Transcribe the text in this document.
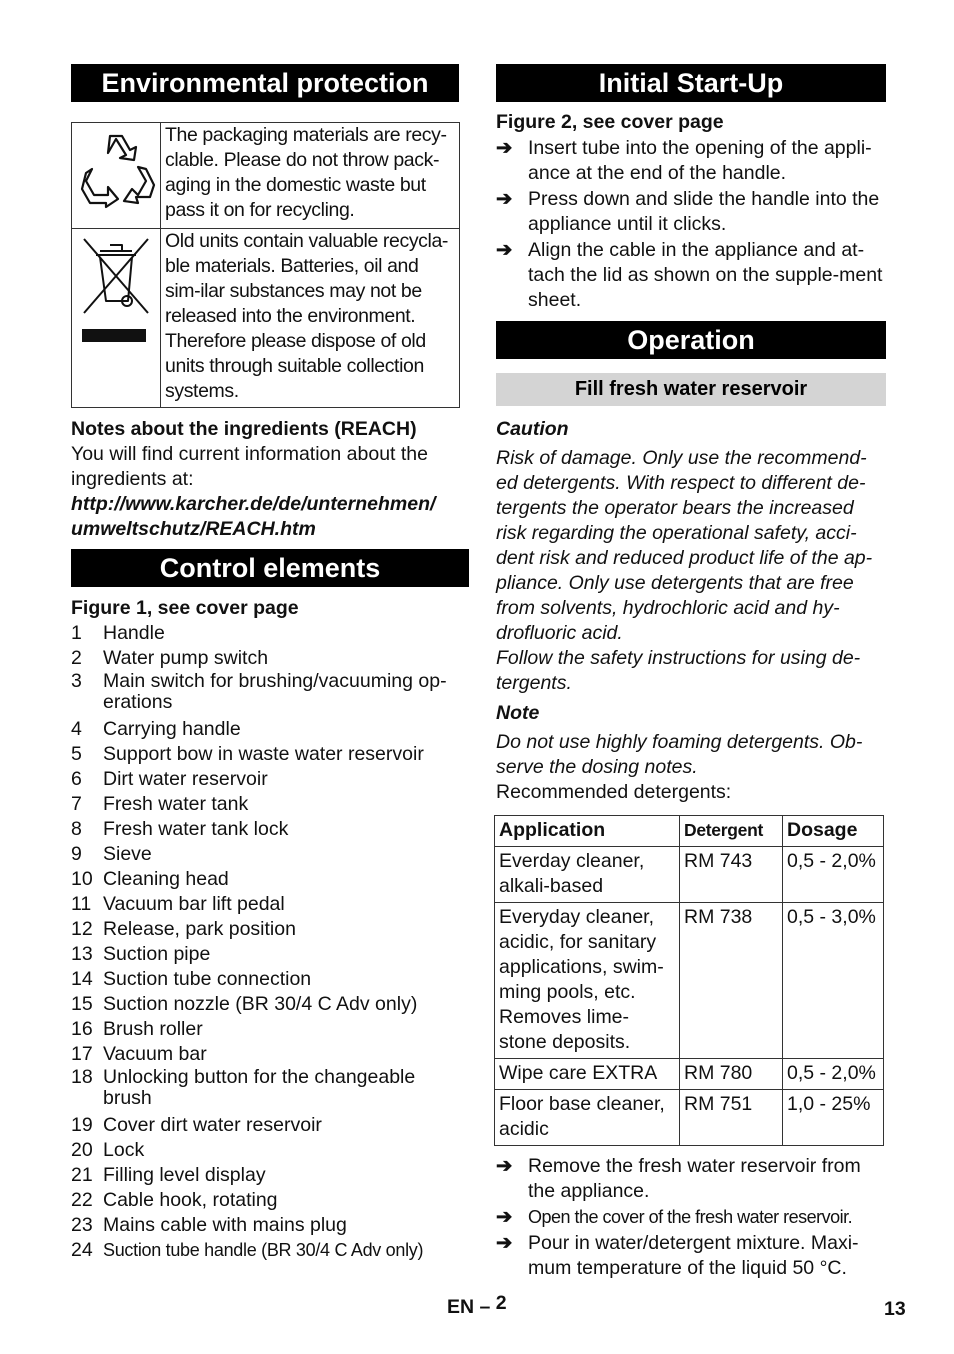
Environmental protection
	The packaging materials are recy-clable. Please do not throw pack-aging in the domestic waste but pass it on for recycling.
	Old units contain valuable recycla-ble materials. Batteries, oil and sim-ilar substances may not be released into the environment. Therefore please dispose of old units through suitable collection systems.
Notes about the ingredients (REACH)
You will find current information about the ingredients at:
http://www.karcher.de/de/unternehmen/
umweltschutz/REACH.htm
Control elements
Figure 1, see cover page
1	Handle
2	Water pump switch
3	Main switch for brushing/vacuuming op-erations
4	Carrying handle
5	Support bow in waste water reservoir
6	Dirt water reservoir
7	Fresh water tank
8	Fresh water tank lock
9	Sieve
10 Cleaning head
11 Vacuum bar lift pedal
12 Release, park position
13 Suction pipe
14 Suction tube connection
15 Suction nozzle (BR 30/4 C Adv only)
16 Brush roller
17 Vacuum bar
18 Unlocking button for the changeable brush
19 Cover dirt water reservoir
20 Lock
21 Filling level display
22 Cable hook, rotating
23 Mains cable with mains plug
24 Suction tube handle (BR 30/4 C Adv only)
Initial Start-Up
Figure 2, see cover page
➔ Insert tube into the opening of the appli-ance at the end of the handle.
➔ Press down and slide the handle into the appliance until it clicks.
➔ Align the cable in the appliance and at-tach the lid as shown on the supple-ment sheet.
Operation
Fill fresh water reservoir
Caution
Risk of damage. Only use the recommend-ed detergents. With respect to different de-tergents the operator bears the increased risk regarding the operational safety, acci-dent risk and reduced product life of the ap-pliance. Only use detergents that are free from solvents, hydrochloric acid and hy-drofluoric acid.
Follow the safety instructions for using de-tergents.
Note
Do not use highly foaming detergents. Ob-serve the dosing notes.
Recommended detergents:
Application	Detergent	Dosage
Everday cleaner, alkali-based	RM 743	0,5 - 2,0%
Everyday cleaner, acidic, for sanitary applications, swim-ming pools, etc. Removes lime-stone deposits.	RM 738	0,5 - 3,0%
Wipe care EXTRA	RM 780	0,5 - 2,0%
Floor base cleaner, acidic	RM 751	1,0 - 25%
➔ Remove the fresh water reservoir from the appliance.
➔ Open the cover of the fresh water reservoir.
➔ Pour in water/detergent mixture. Maxi-mum temperature of the liquid 50 °C.
EN – 2	13
